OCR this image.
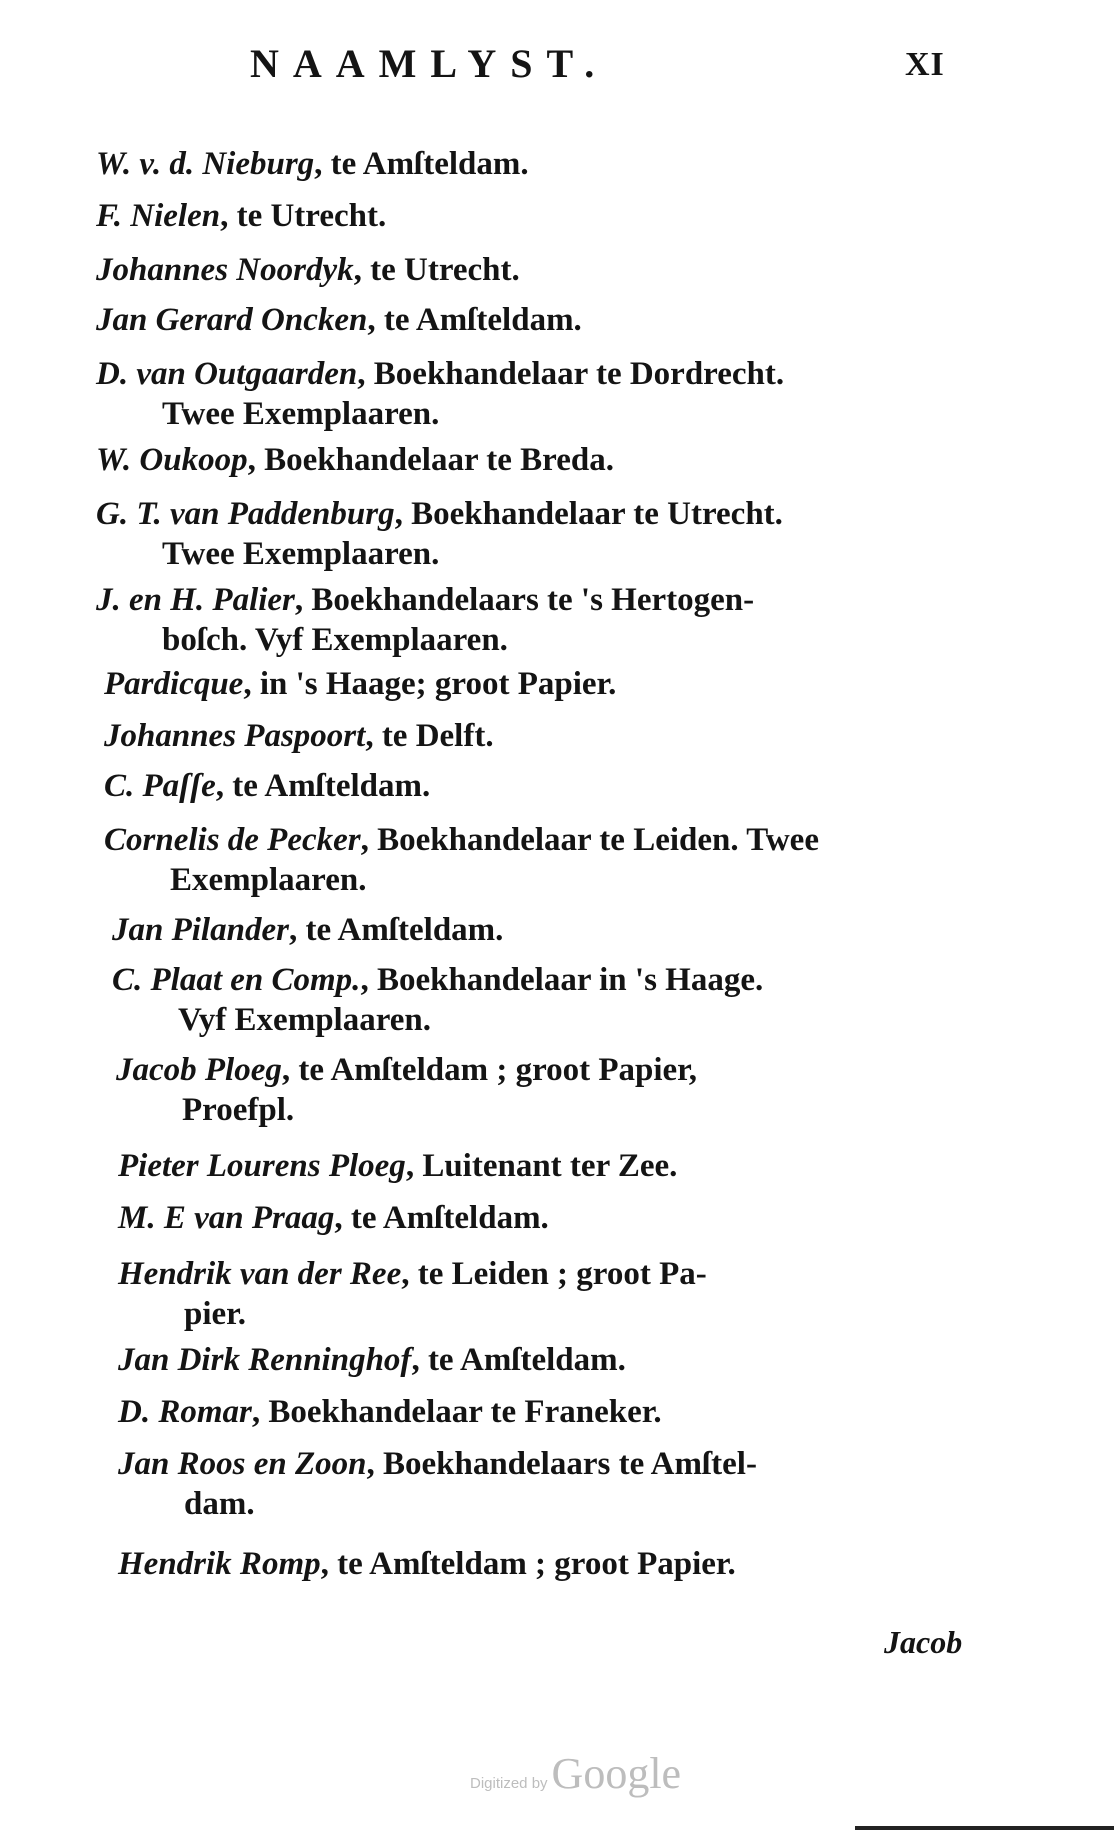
NAAMLYST.	XI
W. v. d. Nieburg, te Amſteldam.
F. Nielen, te Utrecht.
Johannes Noordyk, te Utrecht.
Jan Gerard Oncken, te Amſteldam.
D. van Outgaarden, Boekhandelaar te Dordrecht.
Twee Exemplaaren.
W. Oukoop, Boekhandelaar te Breda.
G. T. van Paddenburg, Boekhandelaar te Utrecht.
Twee Exemplaaren.
J. en H. Palier, Boekhandelaars te 's Hertogen-
boſch. Vyf Exemplaaren.
Pardicque, in 's Haage; groot Papier.
Johannes Paspoort, te Delft.
C. Paſſe, te Amſteldam.
Cornelis de Pecker, Boekhandelaar te Leiden. Twee
Exemplaaren.
Jan Pilander, te Amſteldam.
C. Plaat en Comp., Boekhandelaar in 's Haage.
Vyf Exemplaaren.
Jacob Ploeg, te Amſteldam ; groot Papier,
Proefpl.
Pieter Lourens Ploeg, Luitenant ter Zee.
M. E van Praag, te Amſteldam.
Hendrik van der Ree, te Leiden ; groot Pa-
pier.
Jan Dirk Renninghof, te Amſteldam.
D. Romar, Boekhandelaar te Franeker.
Jan Roos en Zoon, Boekhandelaars te Amſtel-
dam.
Hendrik Romp, te Amſteldam ; groot Papier.
Jacob
Digitized byGoogle
